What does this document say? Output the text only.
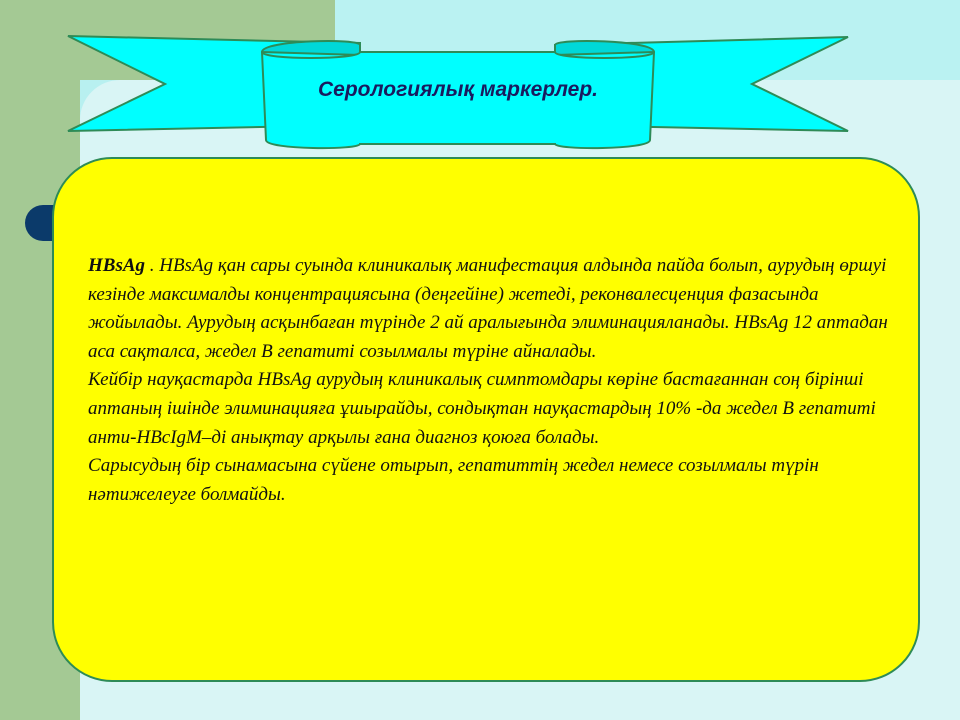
Серологиялық маркерлер.

HBsAg . HBsAg қан сары суында клиникалық манифестация алдында пайда болып, аурудың өршуі кезінде максималды концентрациясына (деңгейіне) жетеді, реконвалесценция фазасында жойылады. Аурудың асқынбаған түрінде 2 ай аралығында элиминацияланады. HBsAg 12 аптадан аса сақталса, жедел В гепатиті созылмалы түріне айналады.

Кейбір науқастарда HBsAg аурудың клиникалық симптомдары көріне бастағаннан соң бірінші аптаның ішінде элиминацияға ұшырайды, сондықтан науқастардың 10% -да жедел В гепатиті анти-HBcIgM–ді анықтау арқылы ғана диагноз қоюға болады.

Сарысудың бір сынамасына сүйене отырып, гепатиттің жедел немесе созылмалы түрін нәтижелеуге болмайды.
